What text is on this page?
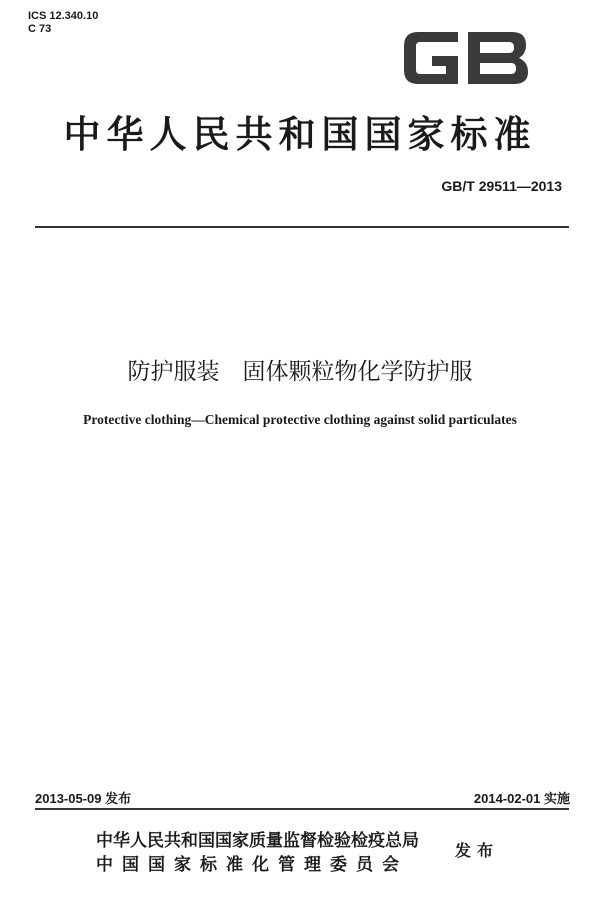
ICS 12.340.10
C 73
中华人民共和国国家标准
GB/T 29511—2013
防护服装　固体颗粒物化学防护服
Protective clothing—Chemical protective clothing against solid particulates
2013-05-09 发布	2014-02-01 实施
中华人民共和国国家质量监督检验检疫总局
中国国家标准化管理委员会
发布
